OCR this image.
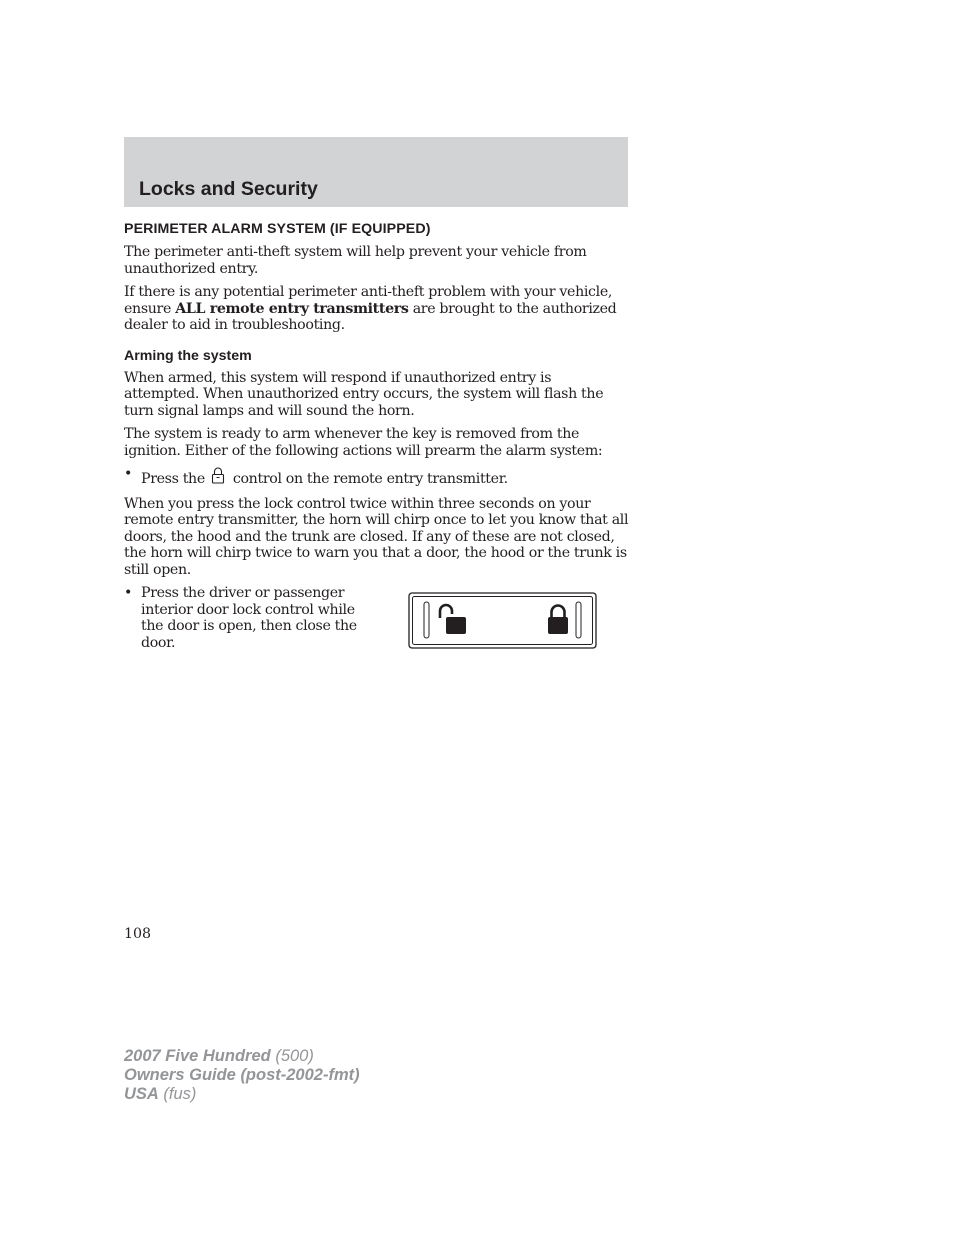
Locks and Security
PERIMETER ALARM SYSTEM (IF EQUIPPED)

The perimeter anti-theft system will help prevent your vehicle from unauthorized entry.

If there is any potential perimeter anti-theft problem with your vehicle, ensure ALL remote entry transmitters are brought to the authorized dealer to aid in troubleshooting.

Arming the system

When armed, this system will respond if unauthorized entry is attempted. When unauthorized entry occurs, the system will flash the turn signal lamps and will sound the horn.

The system is ready to arm whenever the key is removed from the ignition. Either of the following actions will prearm the alarm system:

• Press the control on the remote entry transmitter.

When you press the lock control twice within three seconds on your remote entry transmitter, the horn will chirp once to let you know that all doors, the hood and the trunk are closed. If any of these are not closed, the horn will chirp twice to warn you that a door, the hood or the trunk is still open.

• Press the driver or passenger interior door lock control while the door is open, then close the door.

108

2007 Five Hundred (500)
Owners Guide (post-2002-fmt)
USA (fus)
